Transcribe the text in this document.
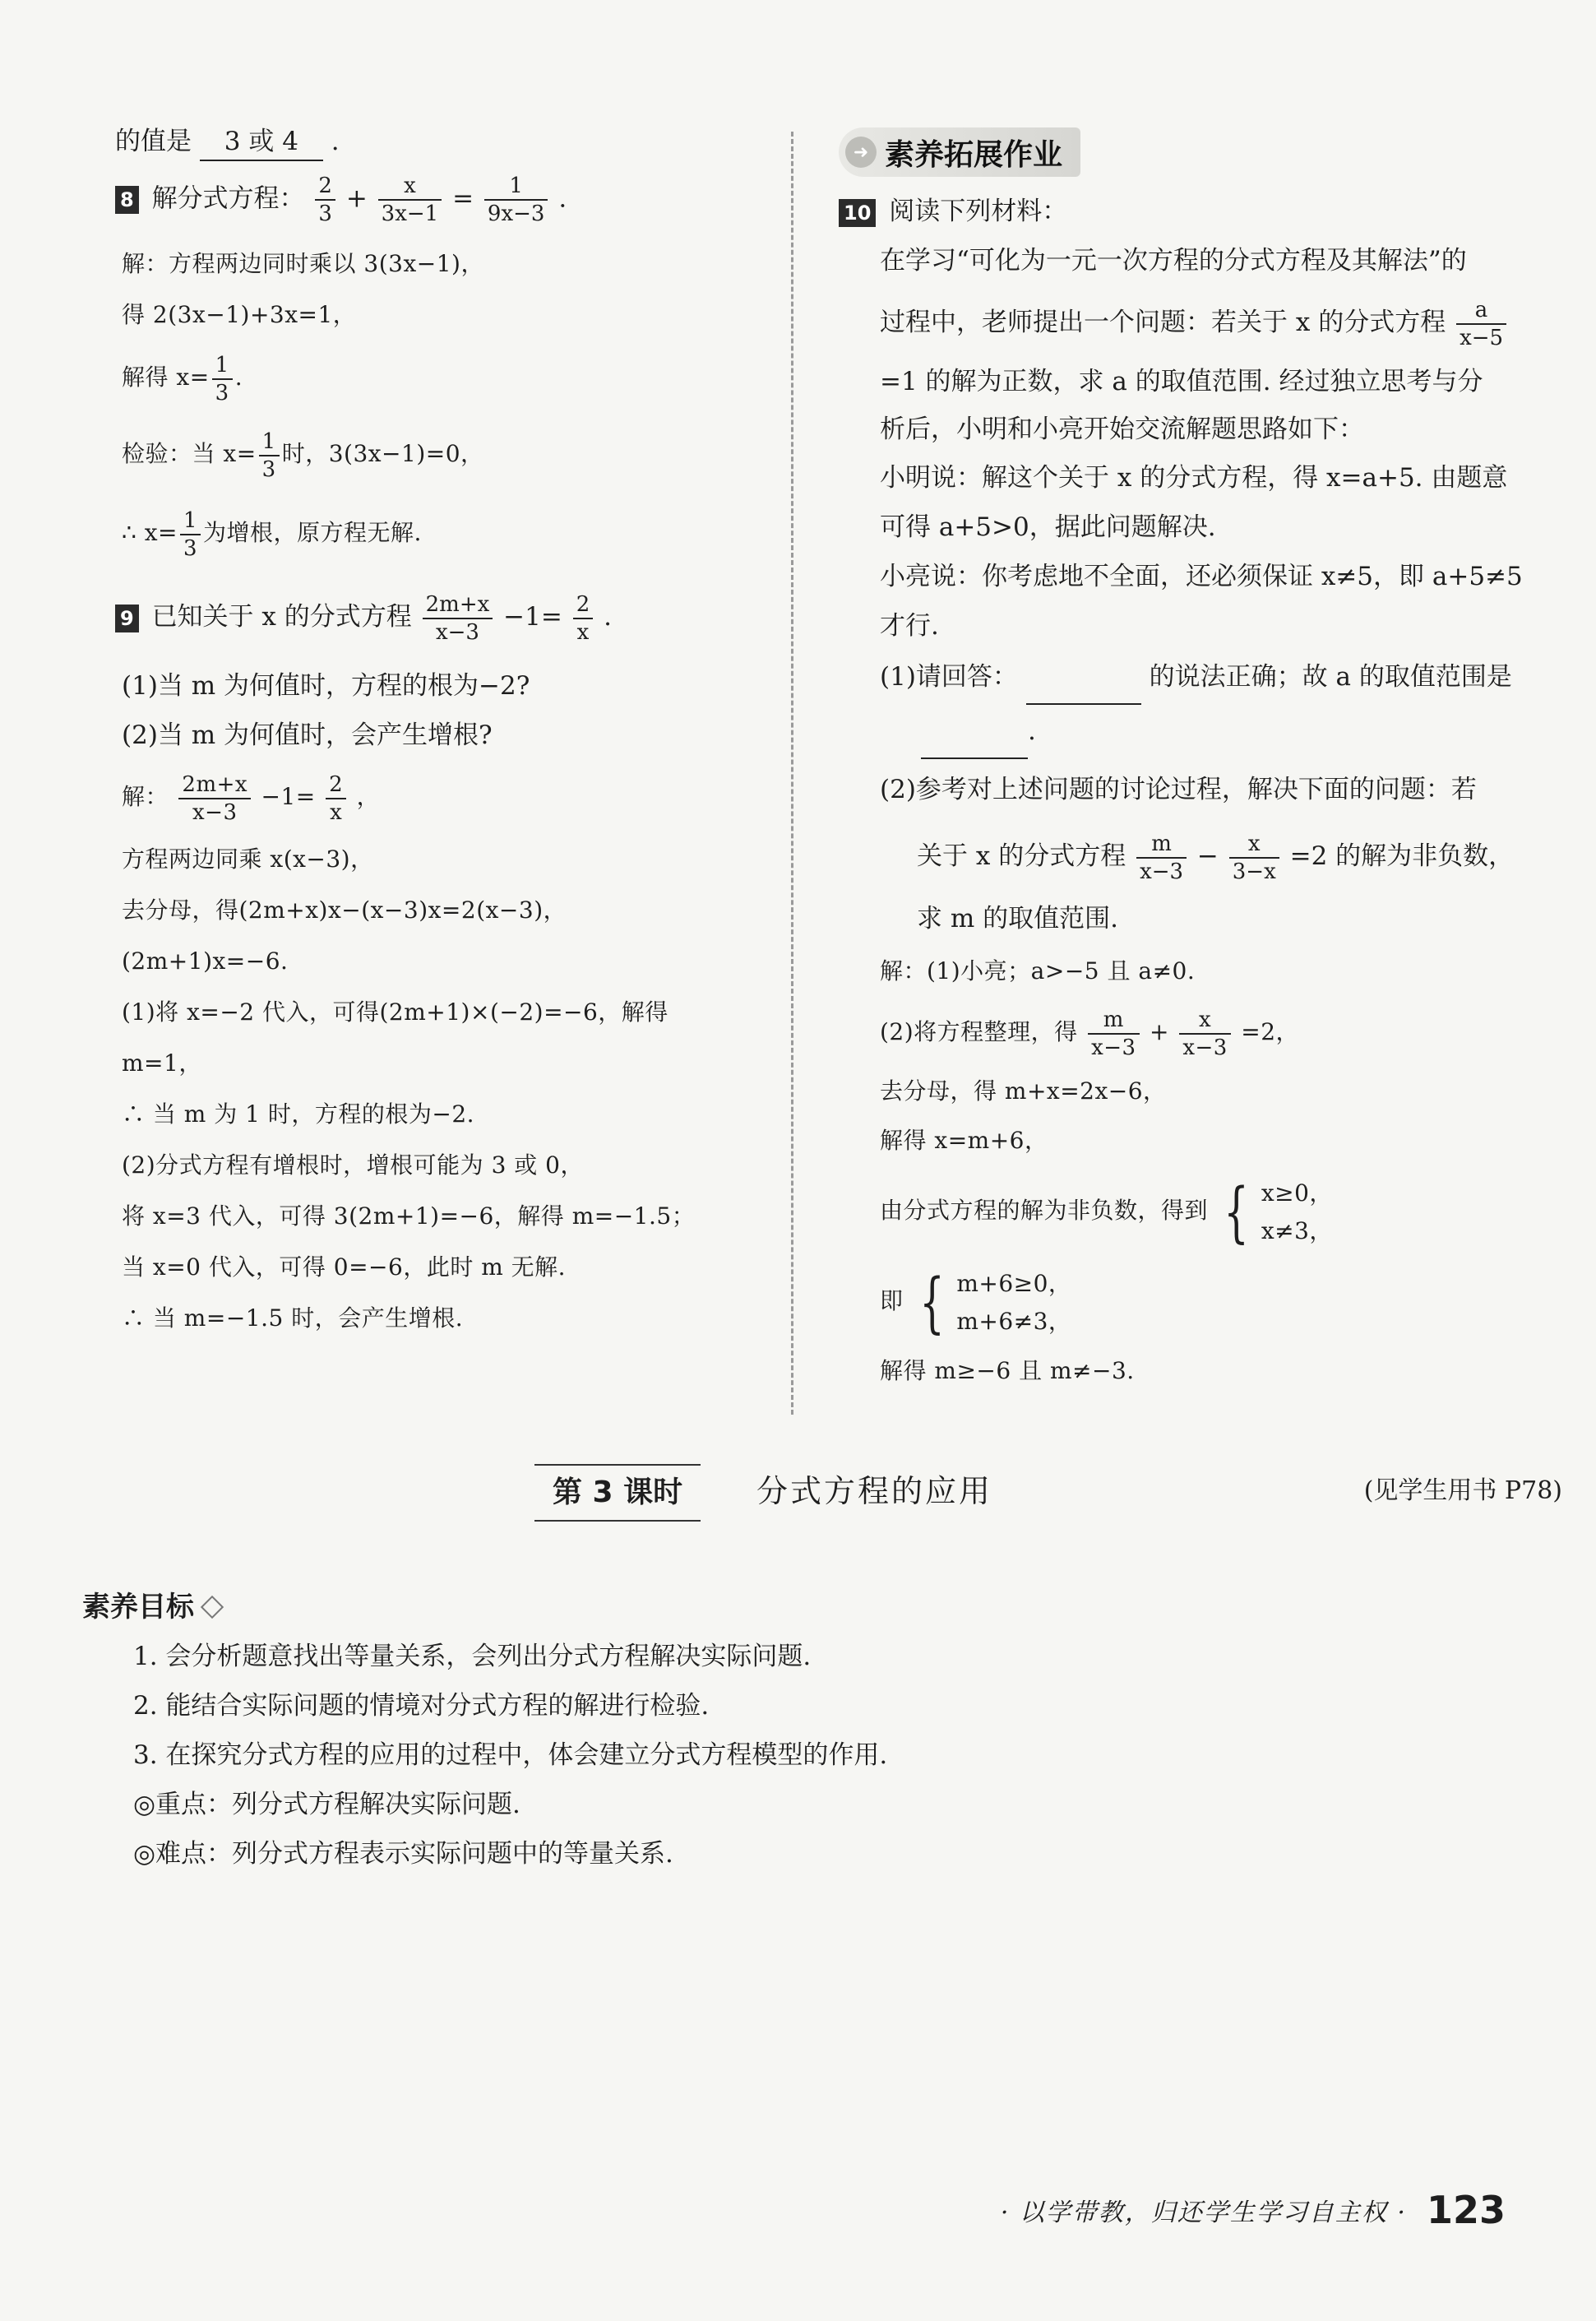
的值是 3 或 4 .
8 解分式方程： $\frac{2}{3} + \frac{x}{3x-1} = \frac{1}{9x-3}$ .
解：方程两边同时乘以 3(3x−1)，
得 2(3x−1)+3x=1，
解得 $x= \frac{1}{3}$ .
检验：当 $x= \frac{1}{3}$ 时，3(3x−1)=0，
∴ $x= \frac{1}{3}$ 为增根，原方程无解.
9 已知关于 x 的分式方程 $\frac{2m+x}{x-3} -1= \frac{2}{x}$ .
(1)当 m 为何值时，方程的根为−2?
(2)当 m 为何值时，会产生增根?
解： $\frac{2m+x}{x-3} -1= \frac{2}{x}$ ，
方程两边同乘 x(x−3)，
去分母，得(2m+x)x−(x−3)x=2(x−3)，
(2m+1)x=−6.
(1)将 x=−2 代入，可得(2m+1)×(−2)=−6，解得
m=1，
∴ 当 m 为 1 时，方程的根为−2.
(2)分式方程有增根时，增根可能为 3 或 0，
将 x=3 代入，可得 3(2m+1)=−6，解得 m=−1.5；
当 x=0 代入，可得 0=−6，此时 m 无解.
∴ 当 m=−1.5 时，会产生增根.
➜ 素养拓展作业
10 阅读下列材料：
在学习“可化为一元一次方程的分式方程及其解法”的
过程中，老师提出一个问题：若关于 x 的分式方程 $\frac{a}{x-5}$
=1 的解为正数，求 a 的取值范围. 经过独立思考与分
析后，小明和小亮开始交流解题思路如下：
小明说：解这个关于 x 的分式方程，得 x=a+5. 由题意
可得 a+5>0，据此问题解决.
小亮说：你考虑地不全面，还必须保证 x≠5，即 a+5≠5
才行.
(1)请回答：	的说法正确；故 a 的取值范围是
.
(2)参考对上述问题的讨论过程，解决下面的问题：若
关于 x 的分式方程 $\frac{m}{x-3} - \frac{x}{3-x} =2$ 的解为非负数，
求 m 的取值范围.
解：(1)小亮；a>−5 且 a≠0.
(2)将方程整理，得 $\frac{m}{x-3} + \frac{x}{x-3} =2$，
去分母，得 m+x=2x−6，
解得 x=m+6，
由分式方程的解为非负数，得到 { x≥0，
x≠3，
即 { m+6≥0，
m+6≠3，
解得 m≥−6 且 m≠−3.
第 3 课时	分式方程的应用	(见学生用书 P78)
素养目标
1. 会分析题意找出等量关系，会列出分式方程解决实际问题.
2. 能结合实际问题的情境对分式方程的解进行检验.
3. 在探究分式方程的应用的过程中，体会建立分式方程模型的作用.
◎重点：列分式方程解决实际问题.
◎难点：列分式方程表示实际问题中的等量关系.
· 以学带教，归还学生学习自主权 · 123
